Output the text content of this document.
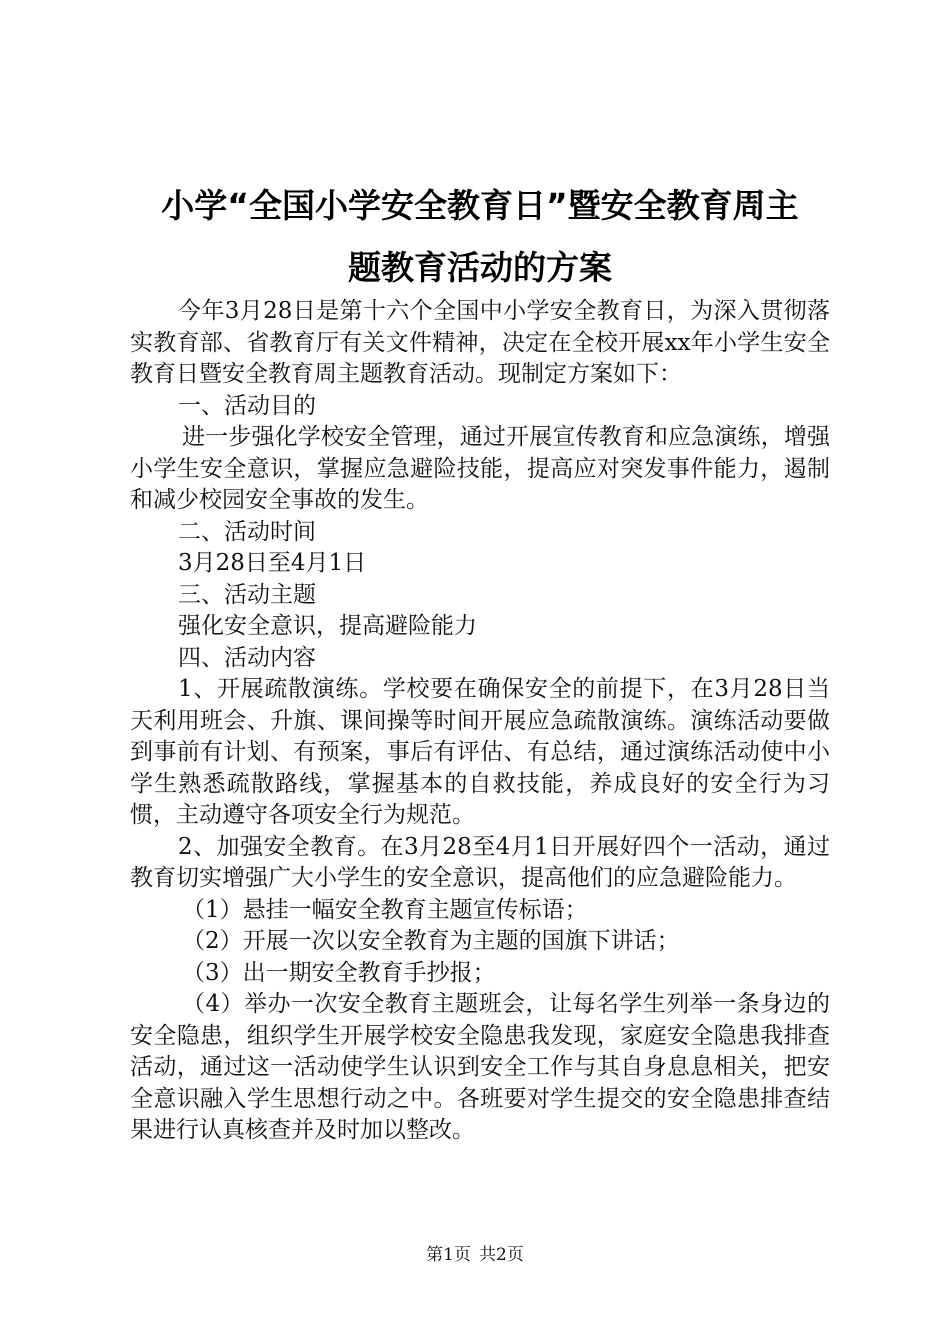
小学“全国小学安全教育日”暨安全教育周主
题教育活动的方案

今年3月28日是第十六个全国中小学安全教育日，为深入贯彻落实教育部、省教育厅有关文件精神，决定在全校开展xx年小学生安全教育日暨安全教育周主题教育活动。现制定方案如下：

一、活动目的

进一步强化学校安全管理，通过开展宣传教育和应急演练，增强小学生安全意识，掌握应急避险技能，提高应对突发事件能力，遏制和减少校园安全事故的发生。

二、活动时间

3月28日至4月1日

三、活动主题

强化安全意识，提高避险能力

四、活动内容

1、开展疏散演练。学校要在确保安全的前提下，在3月28日当天利用班会、升旗、课间操等时间开展应急疏散演练。演练活动要做到事前有计划、有预案，事后有评估、有总结，通过演练活动使中小学生熟悉疏散路线，掌握基本的自救技能，养成良好的安全行为习惯，主动遵守各项安全行为规范。

2、加强安全教育。在3月28至4月1日开展好四个一活动，通过教育切实增强广大小学生的安全意识，提高他们的应急避险能力。

（1）悬挂一幅安全教育主题宣传标语；

（2）开展一次以安全教育为主题的国旗下讲话；

（3）出一期安全教育手抄报；

（4）举办一次安全教育主题班会，让每名学生列举一条身边的安全隐患，组织学生开展学校安全隐患我发现，家庭安全隐患我排查活动，通过这一活动使学生认识到安全工作与其自身息息相关，把安全意识融入学生思想行动之中。各班要对学生提交的安全隐患排查结果进行认真核查并及时加以整改。

第1页 共2页
